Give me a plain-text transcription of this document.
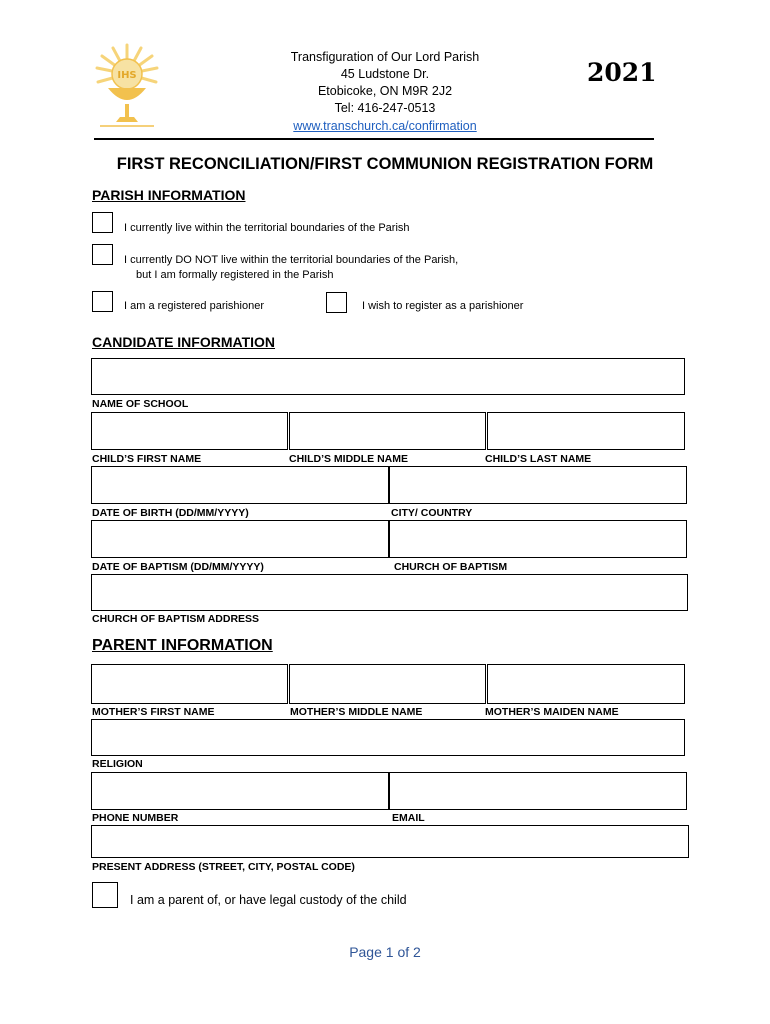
IHS
Transfiguration of Our Lord Parish
45 Ludstone Dr.
Etobicoke, ON M9R 2J2
Tel: 416-247-0513
www.transchurch.ca/confirmation
2021
FIRST RECONCILIATION/FIRST COMMUNION REGISTRATION FORM
PARISH INFORMATION
I currently live within the territorial boundaries of the Parish
I currently DO NOT live within the territorial boundaries of the Parish,
but I am formally registered in the Parish
I am a registered parishioner	I wish to register as a parishioner
CANDIDATE INFORMATION
NAME OF SCHOOL
CHILD’S FIRST NAME	CHILD’S MIDDLE NAME	CHILD’S LAST NAME
DATE OF BIRTH (DD/MM/YYYY)	CITY/ COUNTRY
DATE OF BAPTISM (DD/MM/YYYY)	CHURCH OF BAPTISM
CHURCH OF BAPTISM ADDRESS
PARENT INFORMATION
MOTHER’S FIRST NAME	MOTHER’S MIDDLE NAME	MOTHER’S MAIDEN NAME
RELIGION
PHONE NUMBER	EMAIL
PRESENT ADDRESS (STREET, CITY, POSTAL CODE)
I am a parent of, or have legal custody of the child
Page 1 of 2
